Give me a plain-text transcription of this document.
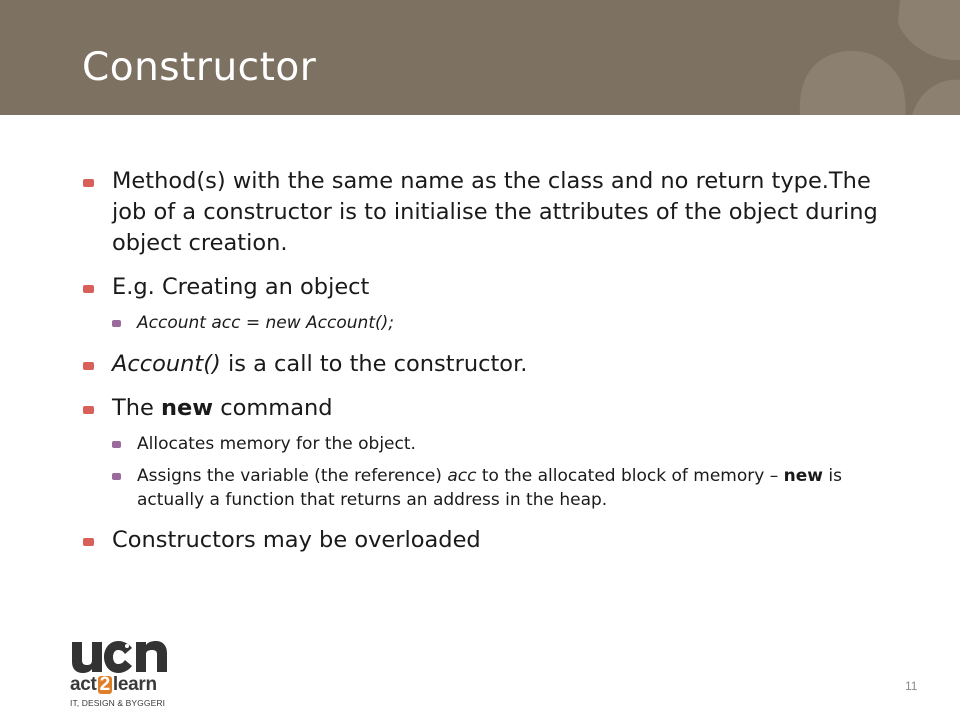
Constructor
Method(s) with the same name as the class and no return type.The job of a constructor is to initialise the attributes of the object during object creation.
E.g. Creating an object
Account acc = new Account();
Account() is a call to the constructor.
The new command
Allocates memory for the object.
Assigns the variable (the reference) acc to the allocated block of memory – new is actually a function that returns an address in the heap.
Constructors may be overloaded
act 2 learn
IT, DESIGN & BYGGERI
11
